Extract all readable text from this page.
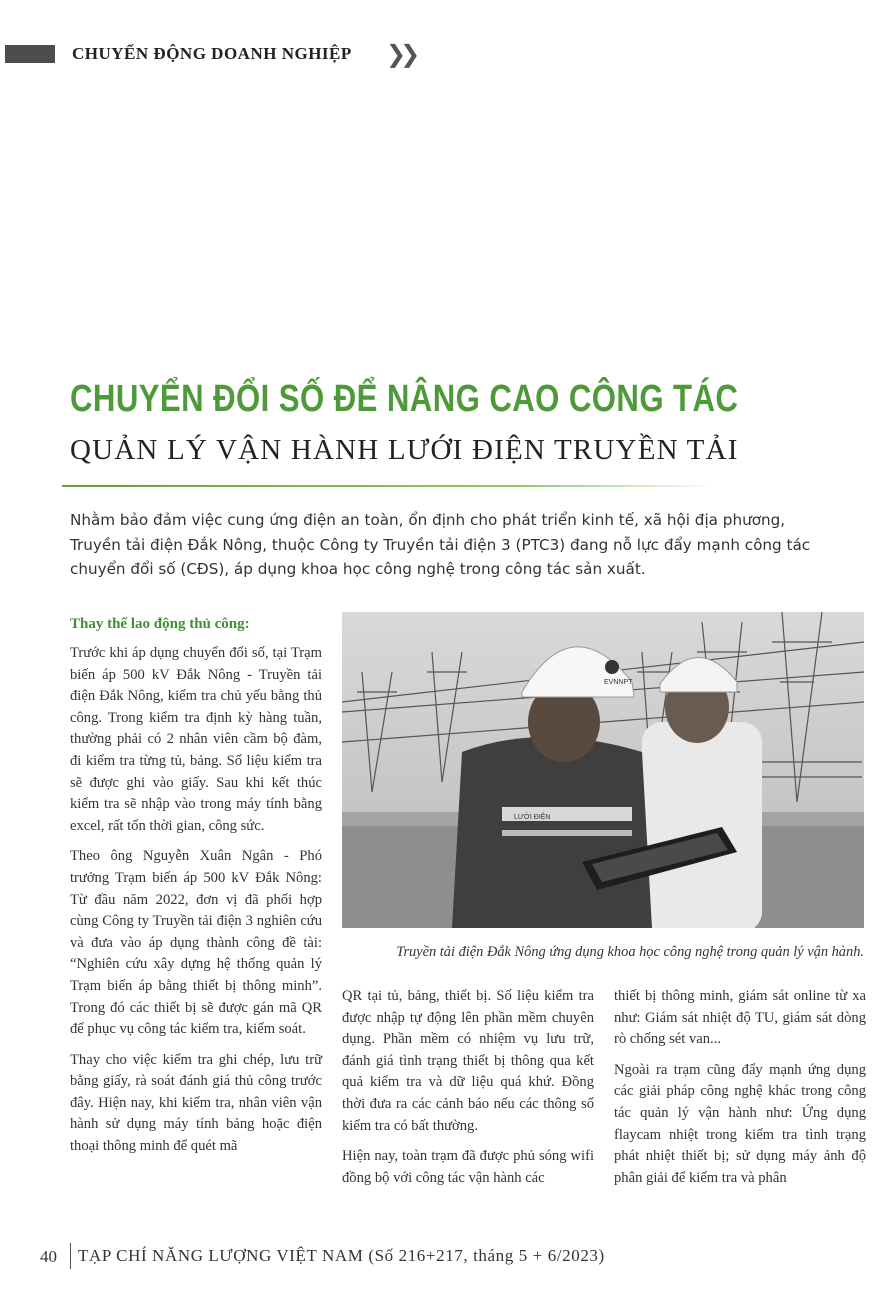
CHUYỂN ĐỘNG DOANH NGHIỆP ❯❯
CHUYỂN ĐỔI SỐ ĐỂ NÂNG CAO CÔNG TÁC
QUẢN LÝ VẬN HÀNH LƯỚI ĐIỆN TRUYỀN TẢI
Nhằm bảo đảm việc cung ứng điện an toàn, ổn định cho phát triển kinh tế, xã hội địa phương, Truyền tải điện Đắk Nông, thuộc Công ty Truyền tải điện 3 (PTC3) đang nỗ lực đẩy mạnh công tác chuyển đổi số (CĐS), áp dụng khoa học công nghệ trong công tác sản xuất.

Thay thế lao động thủ công:

Trước khi áp dụng chuyển đổi số, tại Trạm biến áp 500 kV Đắk Nông - Truyền tải điện Đắk Nông, kiểm tra chủ yếu bằng thủ công. Trong kiểm tra định kỳ hàng tuần, thường phải có 2 nhân viên cầm bộ đàm, đi kiểm tra từng tủ, bảng. Số liệu kiểm tra sẽ được ghi vào giấy. Sau khi kết thúc kiểm tra sẽ nhập vào trong máy tính bằng excel, rất tốn thời gian, công sức.

Theo ông Nguyễn Xuân Ngân - Phó trưởng Trạm biến áp 500 kV Đắk Nông: Từ đầu năm 2022, đơn vị đã phối hợp cùng Công ty Truyền tải điện 3 nghiên cứu và đưa vào áp dụng thành công đề tài: “Nghiên cứu xây dựng hệ thống quản lý Trạm biến áp bằng thiết bị thông minh”. Trong đó các thiết bị sẽ được gán mã QR để phục vụ công tác kiểm tra, kiểm soát.

Thay cho việc kiểm tra ghi chép, lưu trữ bằng giấy, rà soát đánh giá thủ công trước đây. Hiện nay, khi kiểm tra, nhân viên vận hành sử dụng máy tính bảng hoặc điện thoại thông minh để quét mã

EVNNPT
LƯỚI ĐIỆN
Truyền tải điện Đắk Nông ứng dụng khoa học công nghệ trong quản lý vận hành.

QR tại tủ, bảng, thiết bị. Số liệu kiểm tra được nhập tự động lên phần mềm chuyên dụng. Phần mềm có nhiệm vụ lưu trữ, đánh giá tình trạng thiết bị thông qua kết quả kiểm tra và dữ liệu quá khứ. Đồng thời đưa ra các cảnh báo nếu các thông số kiểm tra có bất thường.

Hiện nay, toàn trạm đã được phủ sóng wifi đồng bộ với công tác vận hành các

thiết bị thông minh, giám sát online từ xa như: Giám sát nhiệt độ TU, giám sát dòng rò chống sét van...

Ngoài ra trạm cũng đẩy mạnh ứng dụng các giải pháp công nghệ khác trong công tác quản lý vận hành như: Ứng dụng flaycam nhiệt trong kiểm tra tình trạng phát nhiệt thiết bị; sử dụng máy ảnh độ phân giải để kiểm tra và phân

40 TẠP CHÍ NĂNG LƯỢNG VIỆT NAM (Số 216+217, tháng 5 + 6/2023)
